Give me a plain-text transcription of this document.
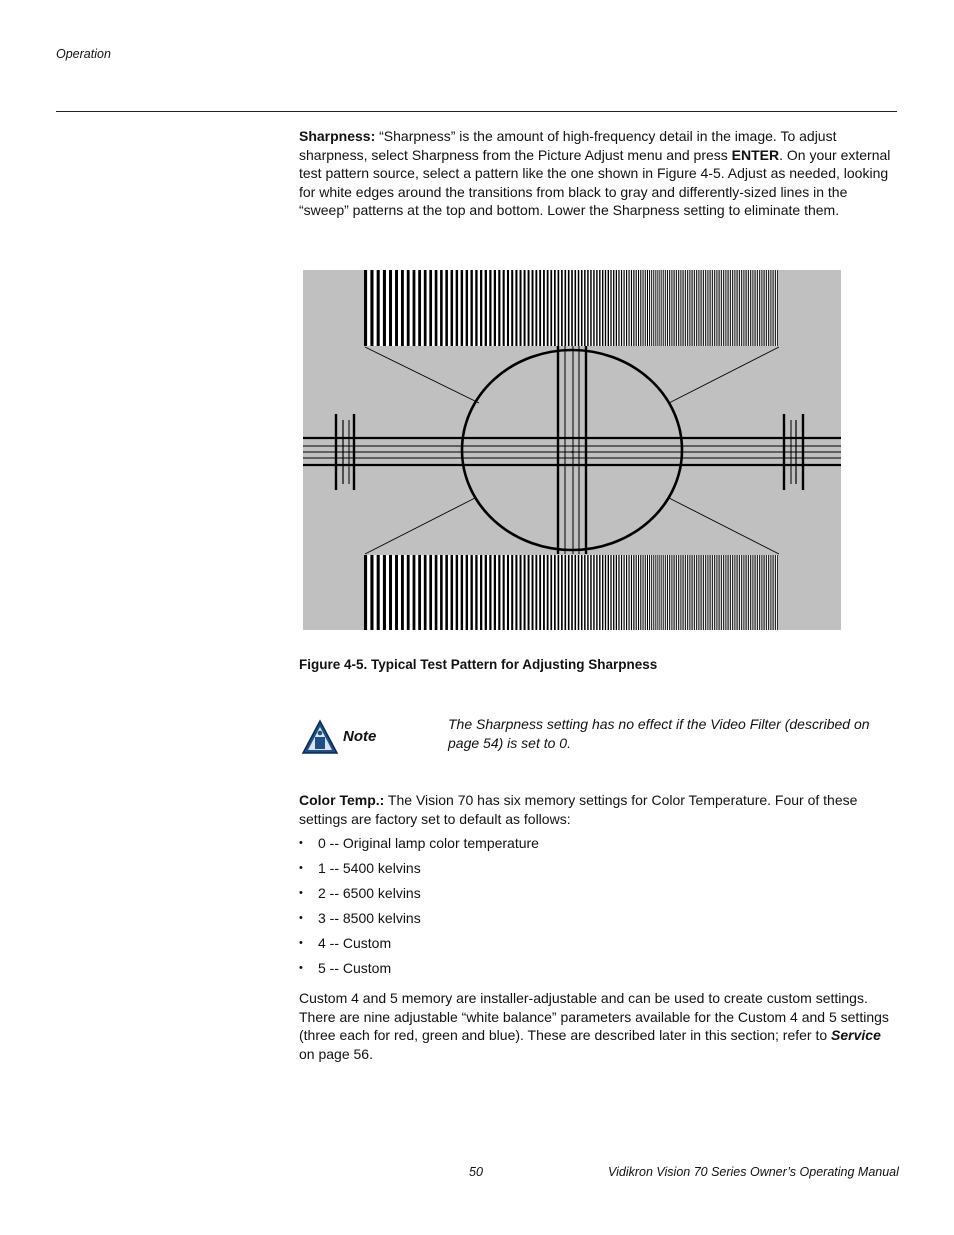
Operation
Sharpness: “Sharpness” is the amount of high-frequency detail in the image. To adjust sharpness, select Sharpness from the Picture Adjust menu and press ENTER. On your external test pattern source, select a pattern like the one shown in Figure 4-5. Adjust as needed, looking for white edges around the transitions from black to gray and differently-sized lines in the “sweep” patterns at the top and bottom. Lower the Sharpness setting to eliminate them.
Figure 4-5. Typical Test Pattern for Adjusting Sharpness
Note
The Sharpness setting has no effect if the Video Filter (described on page 54) is set to 0.
Color Temp.: The Vision 70 has six memory settings for Color Temperature. Four of these settings are factory set to default as follows:
• 0 -- Original lamp color temperature
• 1 -- 5400 kelvins
• 2 -- 6500 kelvins
• 3 -- 8500 kelvins
• 4 -- Custom
• 5 -- Custom
Custom 4 and 5 memory are installer-adjustable and can be used to create custom settings. There are nine adjustable “white balance” parameters available for the Custom 4 and 5 settings (three each for red, green and blue). These are described later in this section; refer to Service on page 56.
50	Vidikron Vision 70 Series Owner’s Operating Manual
